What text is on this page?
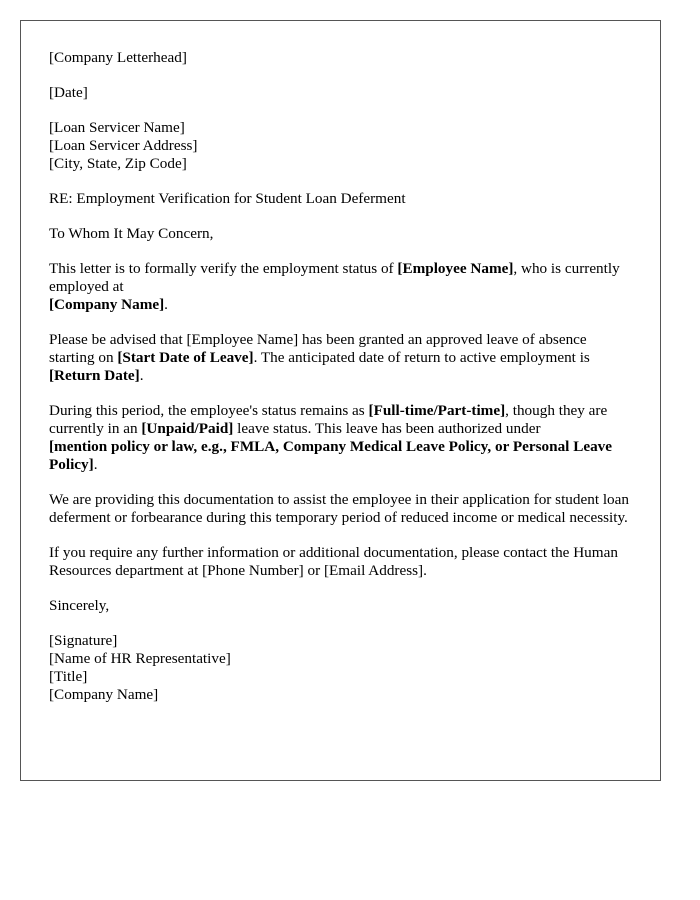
[Company Letterhead]

[Date]

[Loan Servicer Name]
[Loan Servicer Address]
[City, State, Zip Code]

RE: Employment Verification for Student Loan Deferment

To Whom It May Concern,

This letter is to formally verify the employment status of [Employee Name], who is currently employed at
[Company Name].

Please be advised that [Employee Name] has been granted an approved leave of absence starting on [Start Date of Leave]. The anticipated date of return to active employment is
[Return Date].

During this period, the employee's status remains as [Full-time/Part-time], though they are currently in an [Unpaid/Paid] leave status. This leave has been authorized under
[mention policy or law, e.g., FMLA, Company Medical Leave Policy, or Personal Leave Policy].

We are providing this documentation to assist the employee in their application for student loan deferment or forbearance during this temporary period of reduced income or medical necessity.

If you require any further information or additional documentation, please contact the Human Resources department at [Phone Number] or [Email Address].

Sincerely,

[Signature]
[Name of HR Representative]
[Title]
[Company Name]
